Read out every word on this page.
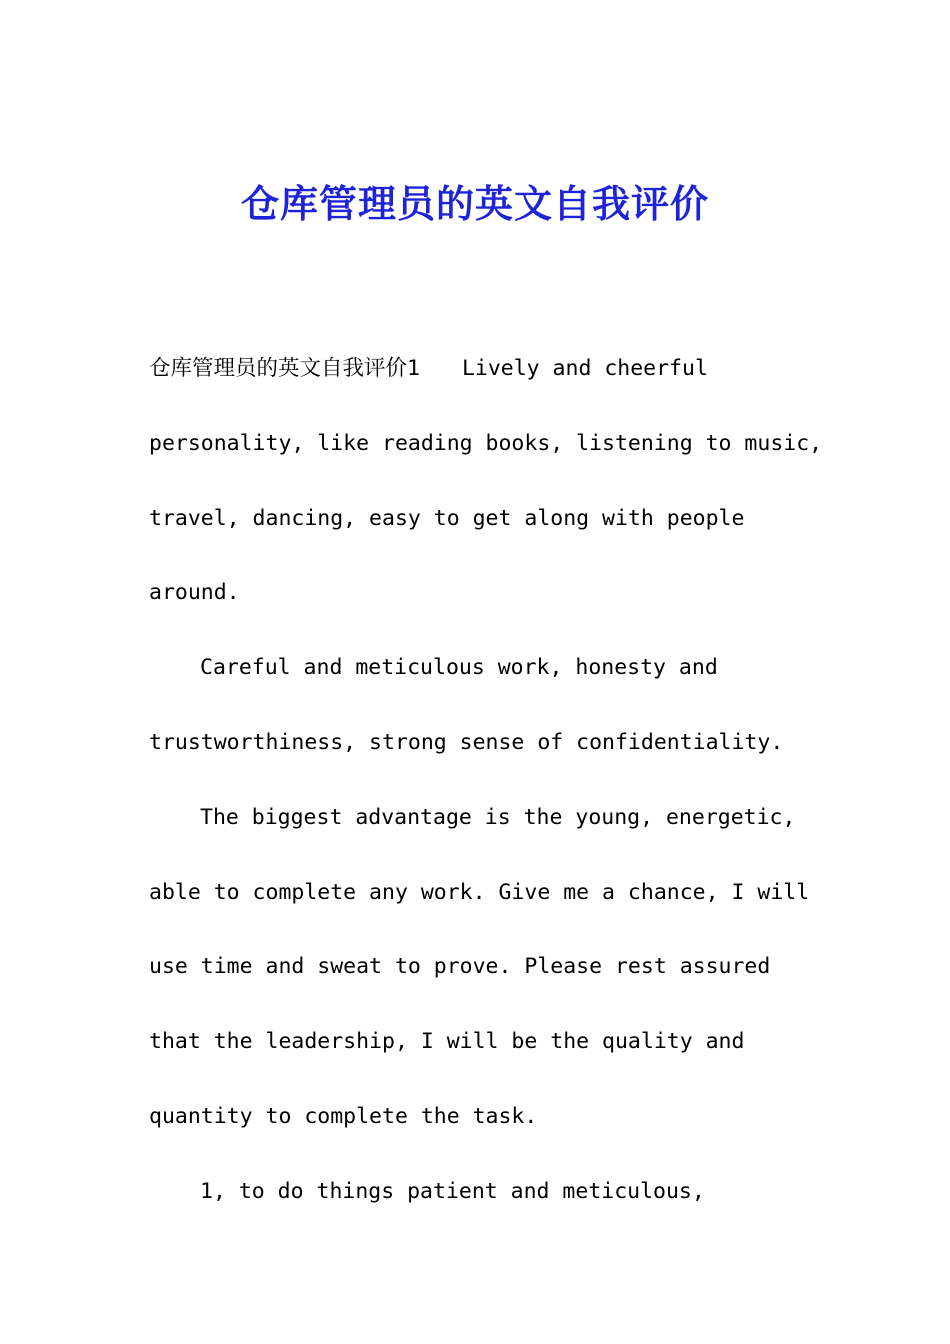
仓库管理员的英文自我评价

仓库管理员的英文自我评价1 Lively and cheerful personality, like reading books, listening to music, travel, dancing, easy to get along with people around.

Careful and meticulous work, honesty and trustworthiness, strong sense of confidentiality.

The biggest advantage is the young, energetic, able to complete any work. Give me a chance, I will use time and sweat to prove. Please rest assured that the leadership, I will be the quality and quantity to complete the task.

1, to do things patient and meticulous,
